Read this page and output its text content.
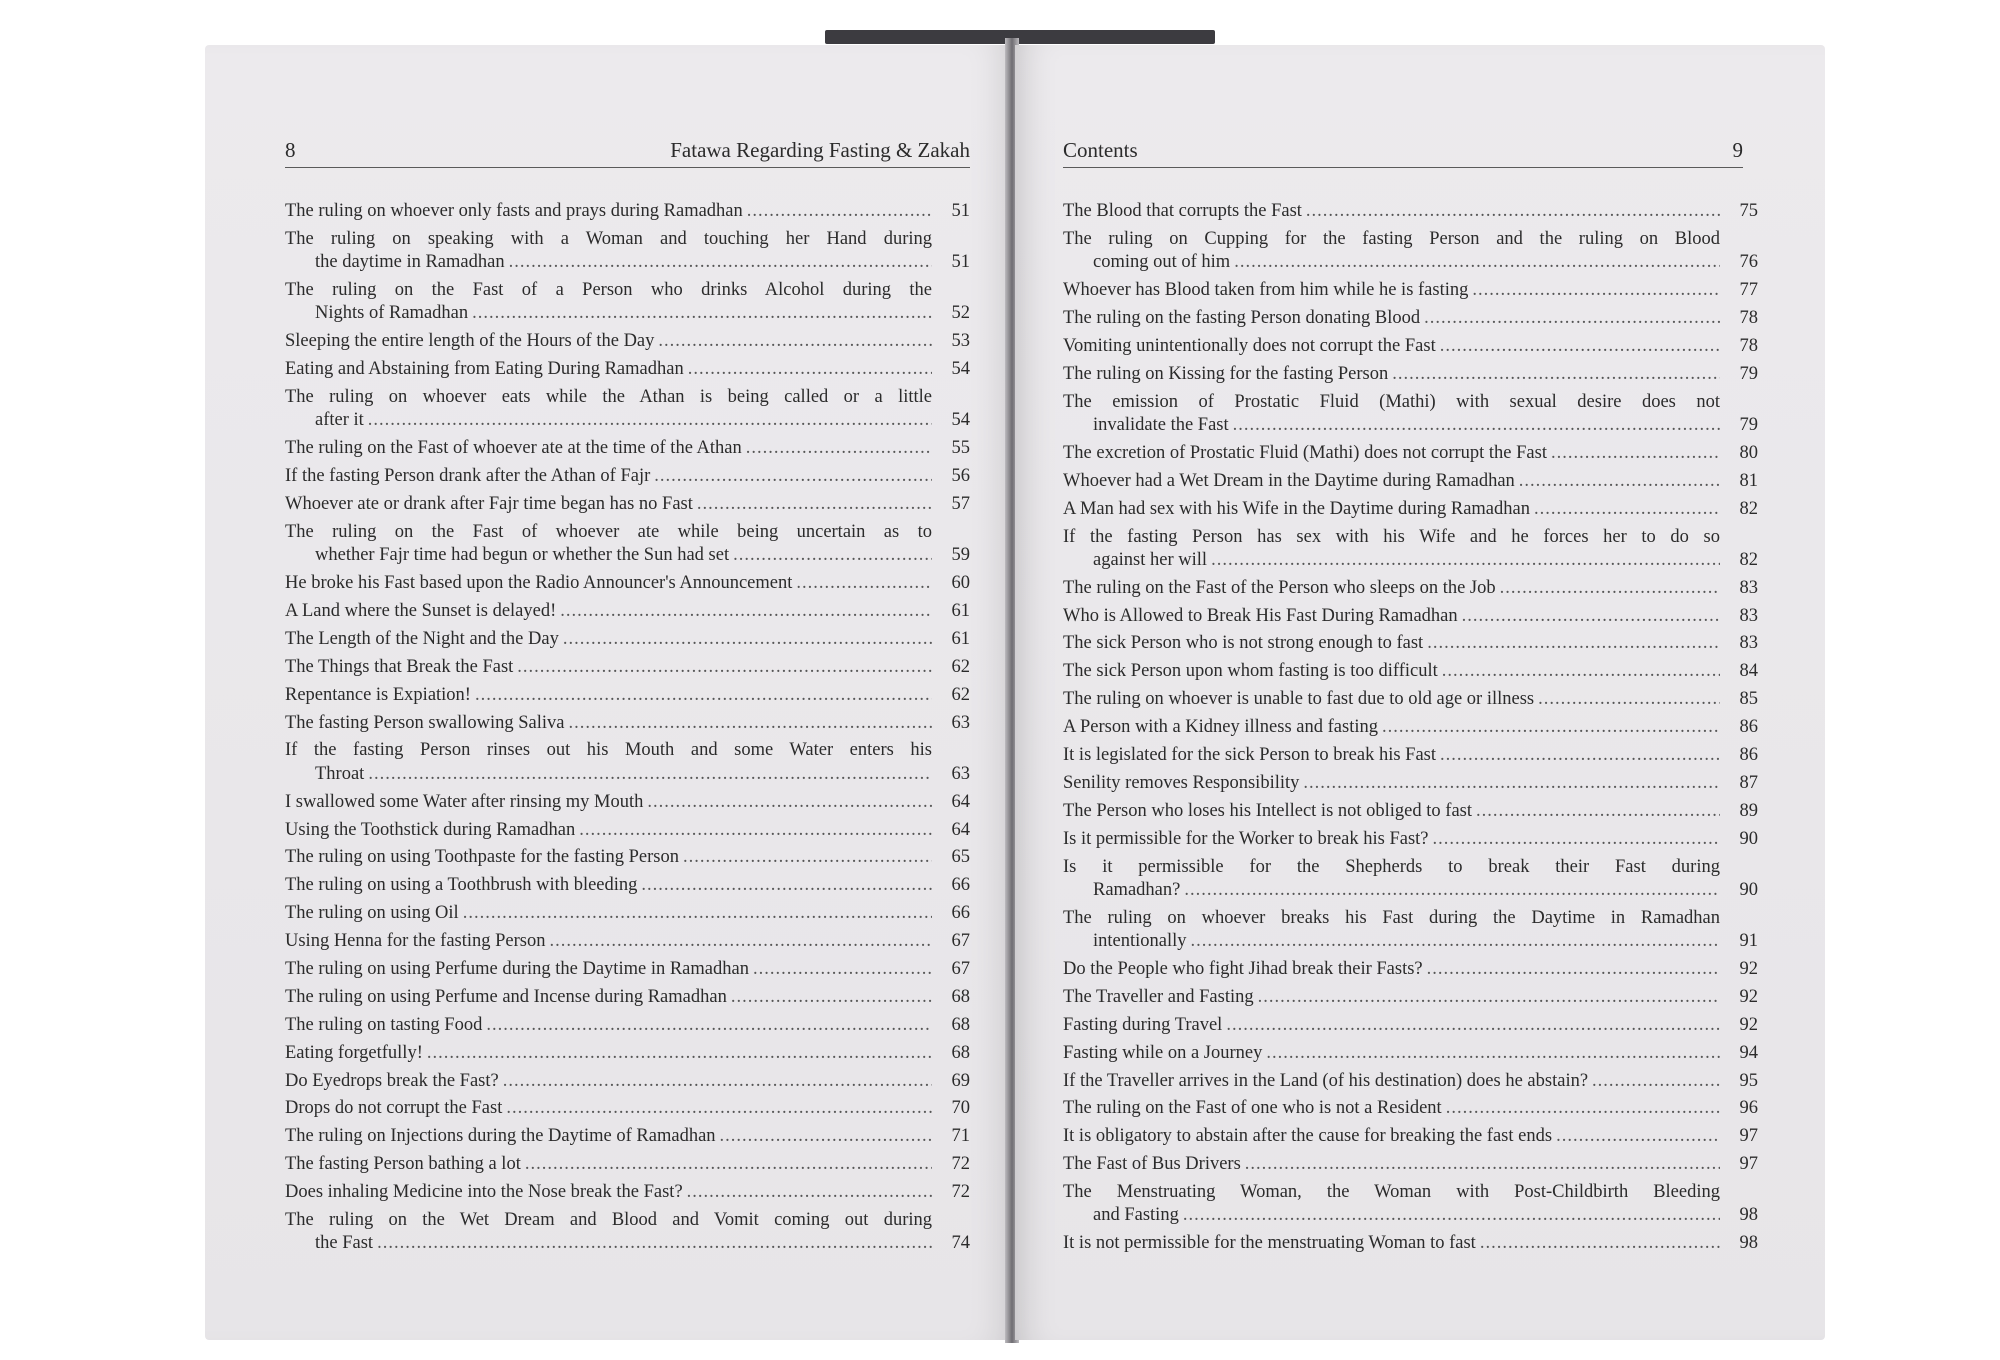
8	Fatawa Regarding Fasting & Zakah
The ruling on whoever only fasts and prays during Ramadhan .....	51
The ruling on speaking with a Woman and touching her Hand during
the daytime in Ramadhan .....	51
The ruling on the Fast of a Person who drinks Alcohol during the
Nights of Ramadhan .....	52
Sleeping the entire length of the Hours of the Day .....	53
Eating and Abstaining from Eating During Ramadhan .....	54
The ruling on whoever eats while the Athan is being called or a little
after it .....	54
The ruling on the Fast of whoever ate at the time of the Athan .....	55
If the fasting Person drank after the Athan of Fajr .....	56
Whoever ate or drank after Fajr time began has no Fast .....	57
The ruling on the Fast of whoever ate while being uncertain as to
whether Fajr time had begun or whether the Sun had set .....	59
He broke his Fast based upon the Radio Announcer's Announcement .....	60
A Land where the Sunset is delayed! .....	61
The Length of the Night and the Day .....	61
The Things that Break the Fast .....	62
Repentance is Expiation! .....	62
The fasting Person swallowing Saliva .....	63
If the fasting Person rinses out his Mouth and some Water enters his
Throat .....	63
I swallowed some Water after rinsing my Mouth .....	64
Using the Toothstick during Ramadhan .....	64
The ruling on using Toothpaste for the fasting Person .....	65
The ruling on using a Toothbrush with bleeding .....	66
The ruling on using Oil .....	66
Using Henna for the fasting Person .....	67
The ruling on using Perfume during the Daytime in Ramadhan .....	67
The ruling on using Perfume and Incense during Ramadhan .....	68
The ruling on tasting Food .....	68
Eating forgetfully! .....	68
Do Eyedrops break the Fast? .....	69
Drops do not corrupt the Fast .....	70
The ruling on Injections during the Daytime of Ramadhan .....	71
The fasting Person bathing a lot .....	72
Does inhaling Medicine into the Nose break the Fast? .....	72
The ruling on the Wet Dream and Blood and Vomit coming out during
the Fast .....	74
Contents	9
The Blood that corrupts the Fast .....	75
The ruling on Cupping for the fasting Person and the ruling on Blood
coming out of him .....	76
Whoever has Blood taken from him while he is fasting .....	77
The ruling on the fasting Person donating Blood .....	78
Vomiting unintentionally does not corrupt the Fast .....	78
The ruling on Kissing for the fasting Person .....	79
The emission of Prostatic Fluid (Mathi) with sexual desire does not
invalidate the Fast .....	79
The excretion of Prostatic Fluid (Mathi) does not corrupt the Fast .....	80
Whoever had a Wet Dream in the Daytime during Ramadhan .....	81
A Man had sex with his Wife in the Daytime during Ramadhan .....	82
If the fasting Person has sex with his Wife and he forces her to do so
against her will .....	82
The ruling on the Fast of the Person who sleeps on the Job .....	83
Who is Allowed to Break His Fast During Ramadhan .....	83
The sick Person who is not strong enough to fast .....	83
The sick Person upon whom fasting is too difficult .....	84
The ruling on whoever is unable to fast due to old age or illness .....	85
A Person with a Kidney illness and fasting .....	86
It is legislated for the sick Person to break his Fast .....	86
Senility removes Responsibility .....	87
The Person who loses his Intellect is not obliged to fast .....	89
Is it permissible for the Worker to break his Fast? .....	90
Is it permissible for the Shepherds to break their Fast during
Ramadhan? .....	90
The ruling on whoever breaks his Fast during the Daytime in Ramadhan
intentionally .....	91
Do the People who fight Jihad break their Fasts? .....	92
The Traveller and Fasting .....	92
Fasting during Travel .....	92
Fasting while on a Journey .....	94
If the Traveller arrives in the Land (of his destination) does he abstain? .....	95
The ruling on the Fast of one who is not a Resident .....	96
It is obligatory to abstain after the cause for breaking the fast ends .....	97
The Fast of Bus Drivers .....	97
The Menstruating Woman, the Woman with Post-Childbirth Bleeding
and Fasting .....	98
It is not permissible for the menstruating Woman to fast .....	98
